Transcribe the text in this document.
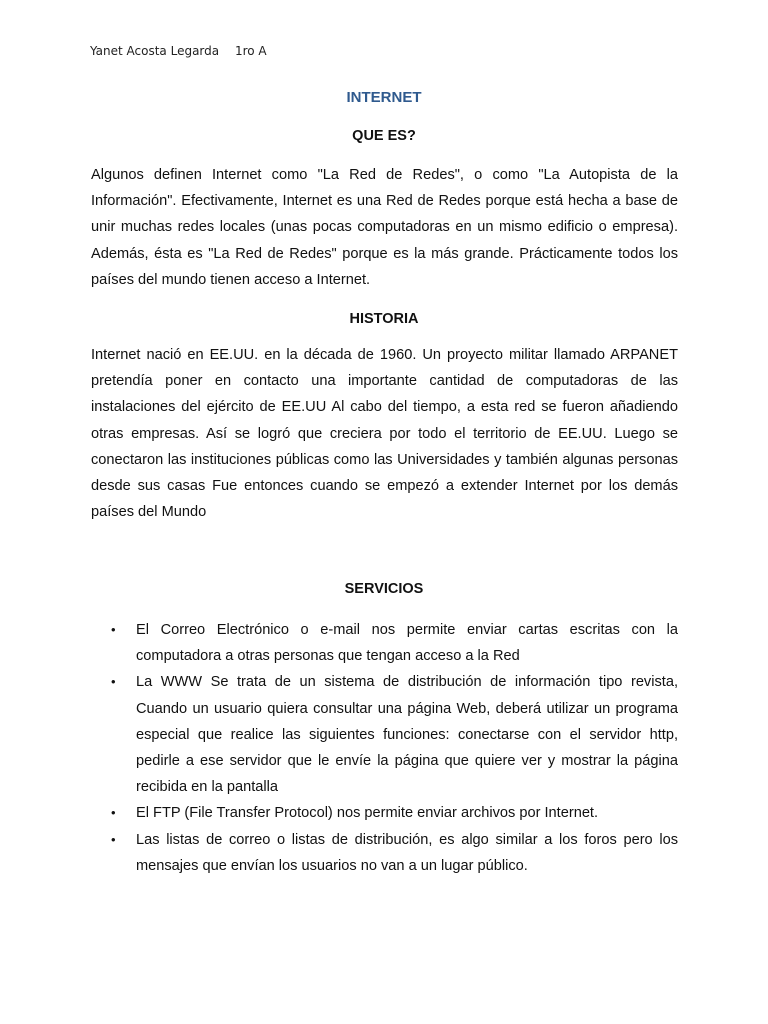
Yanet Acosta Legarda 1ro A
INTERNET
QUE ES?

Algunos definen Internet como "La Red de Redes", o como "La Autopista de la Información". Efectivamente, Internet es una Red de Redes porque está hecha a base de unir muchas redes locales (unas pocas computadoras en un mismo edificio o empresa). Además, ésta es "La Red de Redes" porque es la más grande. Prácticamente todos los países del mundo tienen acceso a Internet.

HISTORIA

Internet nació en EE.UU. en la década de 1960. Un proyecto militar llamado ARPANET pretendía poner en contacto una importante cantidad de computadoras de las instalaciones del ejército de EE.UU Al cabo del tiempo, a esta red se fueron añadiendo otras empresas. Así se logró que creciera por todo el territorio de EE.UU. Luego se conectaron las instituciones públicas como las Universidades y también algunas personas desde sus casas Fue entonces cuando se empezó a extender Internet por los demás países del Mundo

SERVICIOS
• El Correo Electrónico o e-mail nos permite enviar cartas escritas con la computadora a otras personas que tengan acceso a la Red
• La WWW Se trata de un sistema de distribución de información tipo revista, Cuando un usuario quiera consultar una página Web, deberá utilizar un programa especial que realice las siguientes funciones: conectarse con el servidor http, pedirle a ese servidor que le envíe la página que quiere ver y mostrar la página recibida en la pantalla
• El FTP (File Transfer Protocol) nos permite enviar archivos por Internet.
• Las listas de correo o listas de distribución, es algo similar a los foros pero los mensajes que envían los usuarios no van a un lugar público.
